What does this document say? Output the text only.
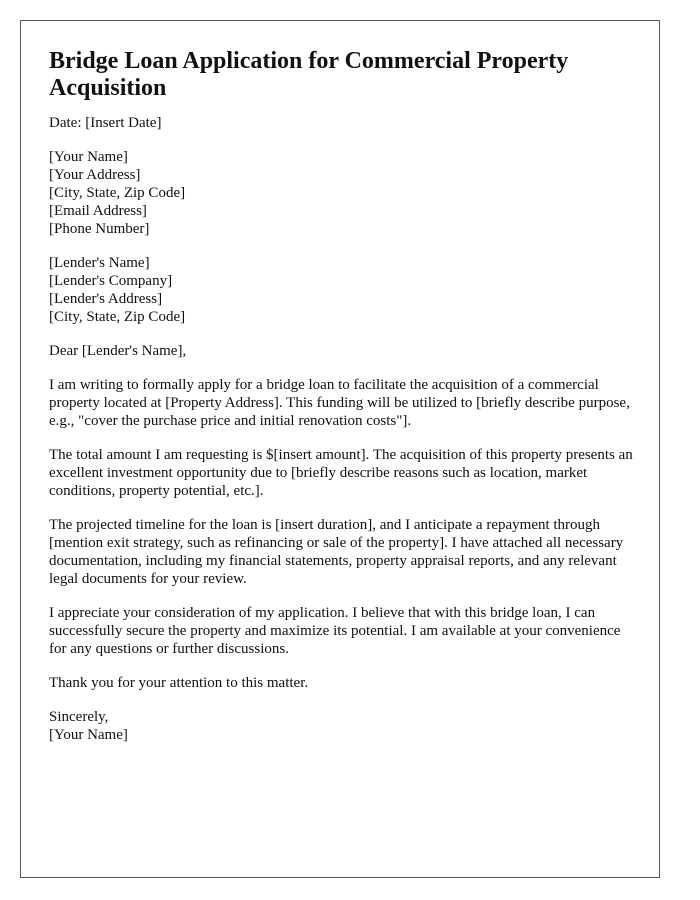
Bridge Loan Application for Commercial Property Acquisition
Date: [Insert Date]
[Your Name]
[Your Address]
[City, State, Zip Code]
[Email Address]
[Phone Number]
[Lender's Name]
[Lender's Company]
[Lender's Address]
[City, State, Zip Code]
Dear [Lender's Name],

I am writing to formally apply for a bridge loan to facilitate the acquisition of a commercial property located at [Property Address]. This funding will be utilized to [briefly describe purpose, e.g., "cover the purchase price and initial renovation costs"].

The total amount I am requesting is $[insert amount]. The acquisition of this property presents an excellent investment opportunity due to [briefly describe reasons such as location, market conditions, property potential, etc.].

The projected timeline for the loan is [insert duration], and I anticipate a repayment through [mention exit strategy, such as refinancing or sale of the property]. I have attached all necessary documentation, including my financial statements, property appraisal reports, and any relevant legal documents for your review.

I appreciate your consideration of my application. I believe that with this bridge loan, I can successfully secure the property and maximize its potential. I am available at your convenience for any questions or further discussions.

Thank you for your attention to this matter.

Sincerely,
[Your Name]
